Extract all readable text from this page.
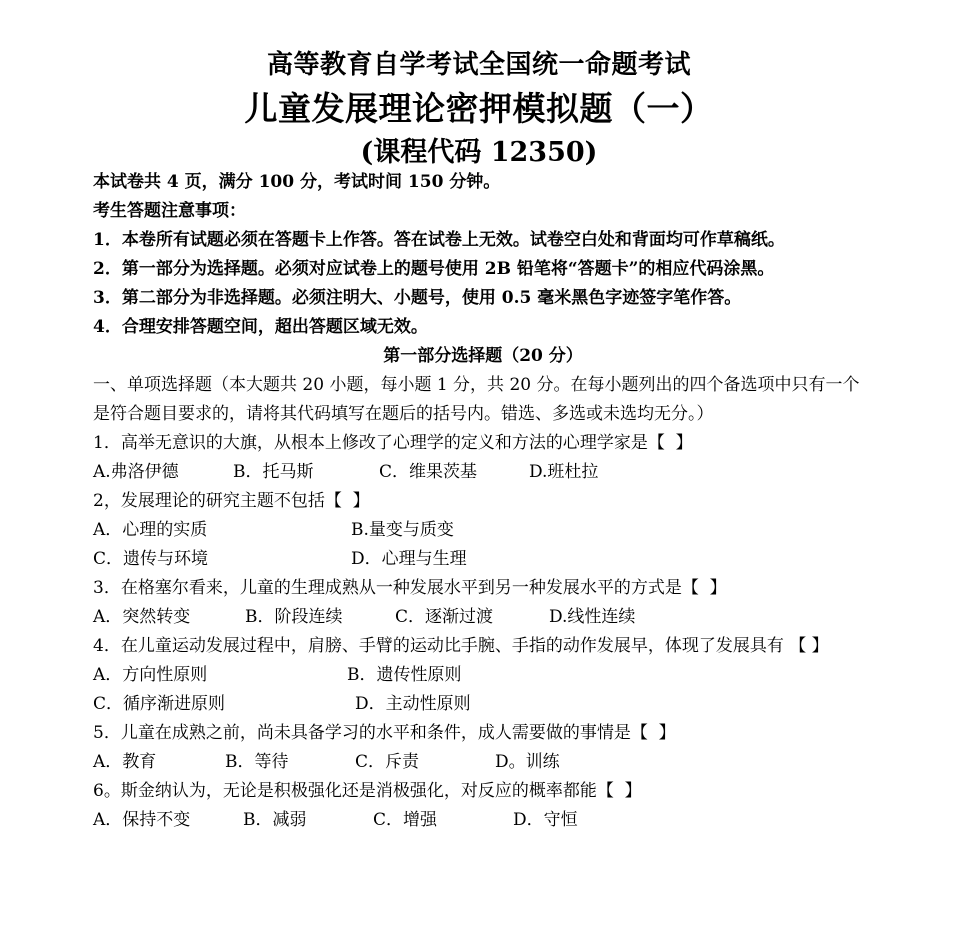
高等教育自学考试全国统一命题考试
儿童发展理论密押模拟题（一）
(课程代码 12350)

本试卷共 4 页，满分 100 分，考试时间 150 分钟。

考生答题注意事项：

1．本卷所有试题必须在答题卡上作答。答在试卷上无效。试卷空白处和背面均可作草稿纸。

2．第一部分为选择题。必须对应试卷上的题号使用 2B 铅笔将“答题卡”的相应代码涂黑。

3．第二部分为非选择题。必须注明大、小题号，使用 0.5 毫米黑色字迹签字笔作答。

4．合理安排答题空间，超出答题区域无效。

第一部分选择题（20 分）

一、单项选择题（本大题共 20 小题，每小题 1 分，共 20 分。在每小题列出的四个备选项中只有一个是符合题目要求的，请将其代码填写在题后的括号内。错选、多选或未选均无分。）

1．高举无意识的大旗，从根本上修改了心理学的定义和方法的心理学家是【  】

A.弗洛伊德	B．托马斯	C．维果茨基	D.班杜拉

2，发展理论的研究主题不包括【  】

A．心理的实质	B.量变与质变
C．遗传与环境	D．心理与生理

3．在格塞尔看来，儿童的生理成熟从一种发展水平到另一种发展水平的方式是【  】

A．突然转变	B．阶段连续	C．逐渐过渡	D.线性连续

4．在儿童运动发展过程中，肩膀、手臂的运动比手腕、手指的动作发展早，体现了发展具有 【 】

A．方向性原则	B．遗传性原则
C．循序渐进原则	D．主动性原则

5．儿童在成熟之前，尚未具备学习的水平和条件，成人需要做的事情是【  】

A．教育	B．等待	C．斥责	D。训练

6。斯金纳认为，无论是积极强化还是消极强化，对反应的概率都能【  】

A．保持不变	B．减弱	C．增强	D．守恒
